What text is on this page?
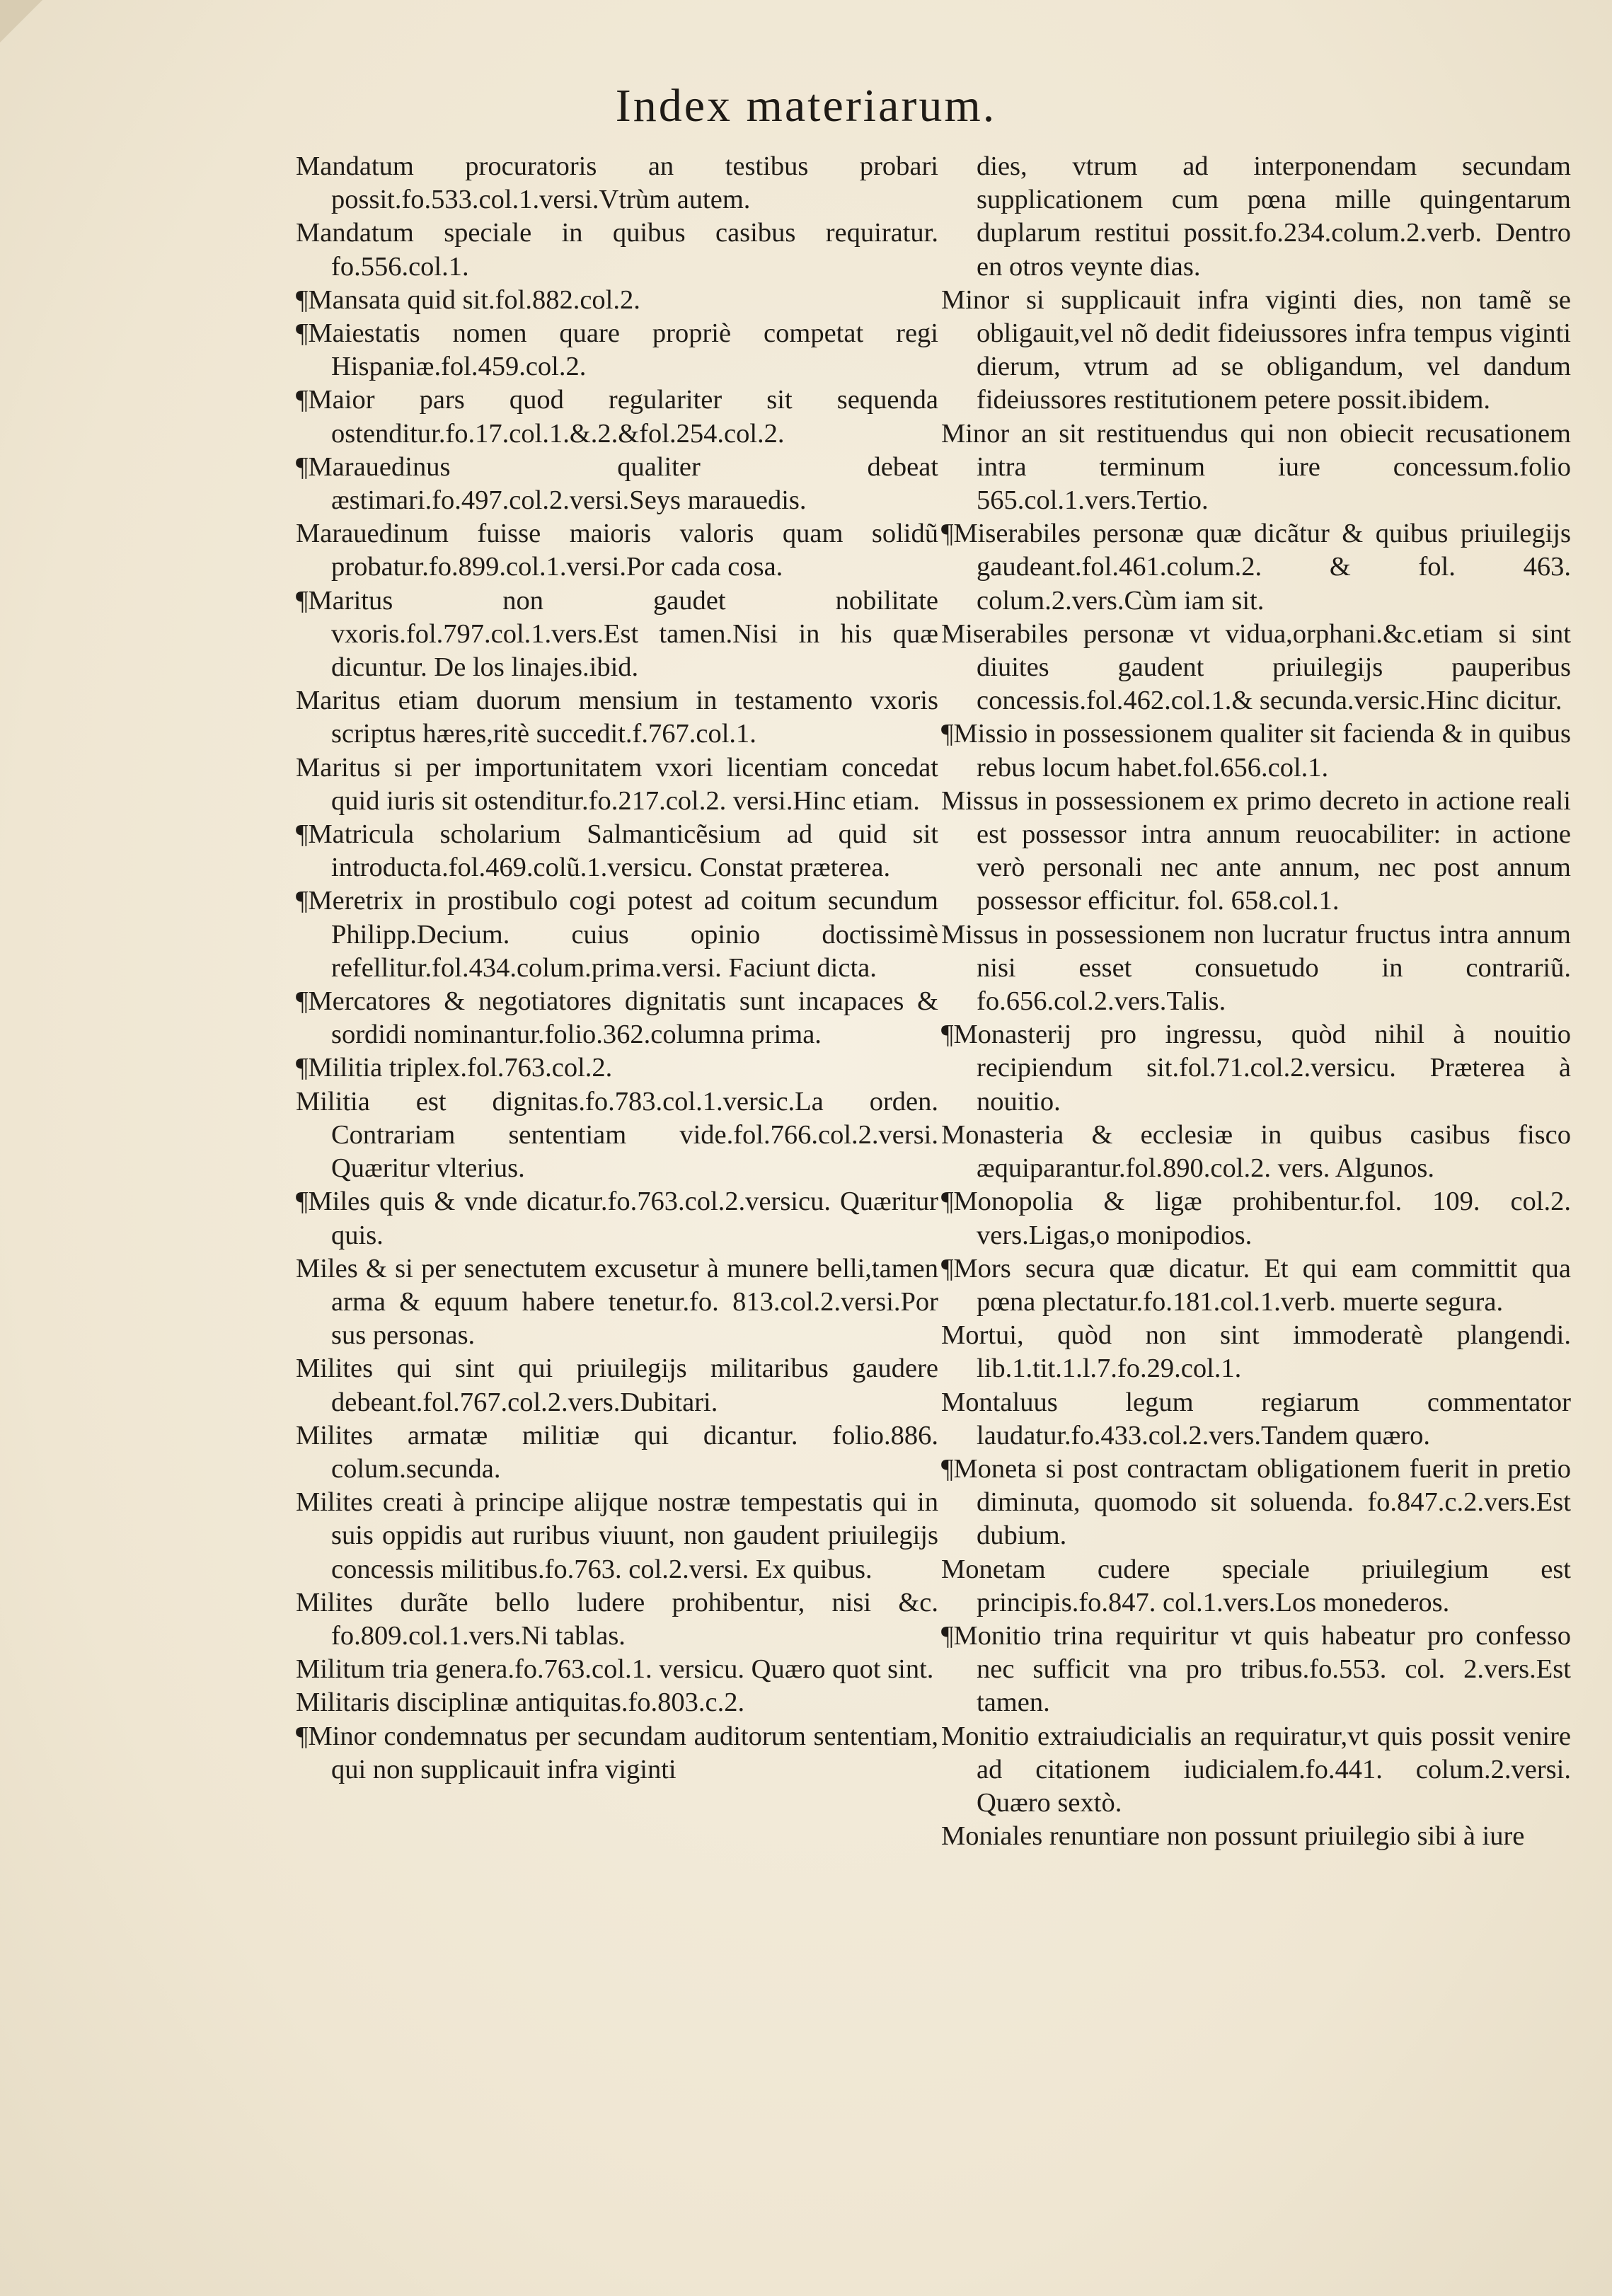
Index materiarum.

Mandatum procuratoris an testibus probari possit.fo.533.col.1.versi.Vtrùm autem.

Mandatum speciale in quibus casibus requiratur. fo.556.col.1.

¶Mansata quid sit.fol.882.col.2.

¶Maiestatis nomen quare propriè competat regi Hispaniæ.fol.459.col.2.

¶Maior pars quod regulariter sit sequenda ostenditur.fo.17.col.1.&.2.&fol.254.col.2.

¶Marauedinus qualiter debeat æstimari.fo.497.col.2.versi.Seys marauedis.

Marauedinum fuisse maioris valoris quam solidũ probatur.fo.899.col.1.versi.Por cada cosa.

¶Maritus non gaudet nobilitate vxoris.fol.797.col.1.vers.Est tamen.Nisi in his quæ dicuntur. De los linajes.ibid.

Maritus etiam duorum mensium in testamento vxoris scriptus hæres,ritè succedit.f.767.col.1.

Maritus si per importunitatem vxori licentiam concedat quid iuris sit ostenditur.fo.217.col.2. versi.Hinc etiam.

¶Matricula scholarium Salmanticẽsium ad quid sit introducta.fol.469.colũ.1.versicu. Constat præterea.

¶Meretrix in prostibulo cogi potest ad coitum secundum Philipp.Decium. cuius opinio doctissimè refellitur.fol.434.colum.prima.versi. Faciunt dicta.

¶Mercatores & negotiatores dignitatis sunt incapaces & sordidi nominantur.folio.362.columna prima.

¶Militia triplex.fol.763.col.2.

Militia est dignitas.fo.783.col.1.versic.La orden. Contrariam sententiam vide.fol.766.col.2.versi. Quæritur vlterius.

¶Miles quis & vnde dicatur.fo.763.col.2.versicu. Quæritur quis.

Miles & si per senectutem excusetur à munere belli,tamen arma & equum habere tenetur.fo. 813.col.2.versi.Por sus personas.

Milites qui sint qui priuilegijs militaribus gaudere debeant.fol.767.col.2.vers.Dubitari.

Milites armatæ militiæ qui dicantur. folio.886. colum.secunda.

Milites creati à principe alijque nostræ tempestatis qui in suis oppidis aut ruribus viuunt, non gaudent priuilegijs concessis militibus.fo.763. col.2.versi. Ex quibus.

Milites durãte bello ludere prohibentur, nisi &c. fo.809.col.1.vers.Ni tablas.

Militum tria genera.fo.763.col.1. versicu. Quæro quot sint.

Militaris disciplinæ antiquitas.fo.803.c.2.

¶Minor condemnatus per secundam auditorum sententiam, qui non supplicauit infra viginti

dies, vtrum ad interponendam secundam supplicationem cum pœna mille quingentarum duplarum restitui possit.fo.234.colum.2.verb. Dentro en otros veynte dias.

Minor si supplicauit infra viginti dies, non tamẽ se obligauit,vel nõ dedit fideiussores infra tempus viginti dierum, vtrum ad se obligandum, vel dandum fideiussores restitutionem petere possit.ibidem.

Minor an sit restituendus qui non obiecit recusationem intra terminum iure concessum.folio 565.col.1.vers.Tertio.

¶Miserabiles personæ quæ dicãtur & quibus priuilegijs gaudeant.fol.461.colum.2. & fol. 463. colum.2.vers.Cùm iam sit.

Miserabiles personæ vt vidua,orphani.&c.etiam si sint diuites gaudent priuilegijs pauperibus concessis.fol.462.col.1.& secunda.versic.Hinc dicitur.

¶Missio in possessionem qualiter sit facienda & in quibus rebus locum habet.fol.656.col.1.

Missus in possessionem ex primo decreto in actione reali est possessor intra annum reuocabiliter: in actione verò personali nec ante annum, nec post annum possessor efficitur. fol. 658.col.1.

Missus in possessionem non lucratur fructus intra annum nisi esset consuetudo in contrariũ. fo.656.col.2.vers.Talis.

¶Monasterij pro ingressu, quòd nihil à nouitio recipiendum sit.fol.71.col.2.versicu. Præterea à nouitio.

Monasteria & ecclesiæ in quibus casibus fisco æquiparantur.fol.890.col.2. vers. Algunos.

¶Monopolia & ligæ prohibentur.fol. 109. col.2. vers.Ligas,o monipodios.

¶Mors secura quæ dicatur. Et qui eam committit qua pœna plectatur.fo.181.col.1.verb. muerte segura.

Mortui, quòd non sint immoderatè plangendi. lib.1.tit.1.l.7.fo.29.col.1.

Montaluus legum regiarum commentator laudatur.fo.433.col.2.vers.Tandem quæro.

¶Moneta si post contractam obligationem fuerit in pretio diminuta, quomodo sit soluenda. fo.847.c.2.vers.Est dubium.

Monetam cudere speciale priuilegium est principis.fo.847. col.1.vers.Los monederos.

¶Monitio trina requiritur vt quis habeatur pro confesso nec sufficit vna pro tribus.fo.553. col. 2.vers.Est tamen.

Monitio extraiudicialis an requiratur,vt quis possit venire ad citationem iudicialem.fo.441. colum.2.versi. Quæro sextò.

Moniales renuntiare non possunt priuilegio sibi à iure
